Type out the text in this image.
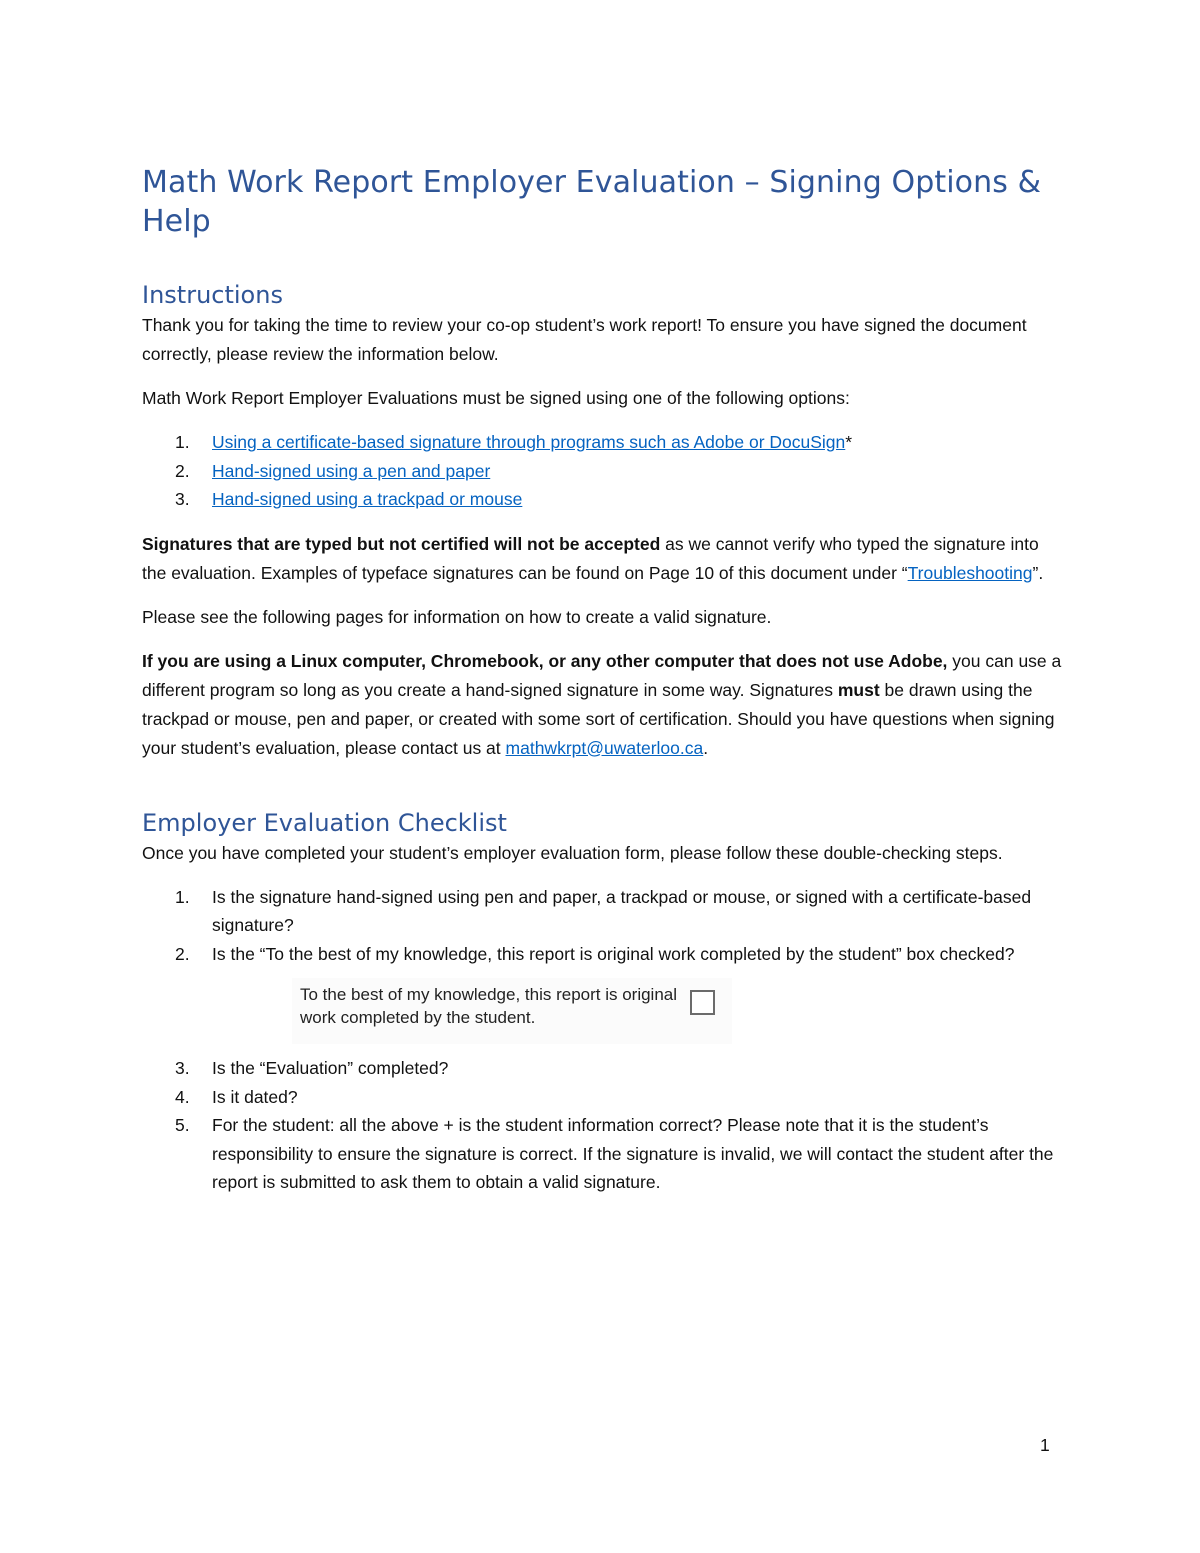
Math Work Report Employer Evaluation – Signing Options & Help
Instructions

Thank you for taking the time to review your co-op student’s work report! To ensure you have signed the document correctly, please review the information below.

Math Work Report Employer Evaluations must be signed using one of the following options:

1. Using a certificate-based signature through programs such as Adobe or DocuSign*
2. Hand-signed using a pen and paper
3. Hand-signed using a trackpad or mouse

Signatures that are typed but not certified will not be accepted as we cannot verify who typed the signature into the evaluation. Examples of typeface signatures can be found on Page 10 of this document under “Troubleshooting”.

Please see the following pages for information on how to create a valid signature.

If you are using a Linux computer, Chromebook, or any other computer that does not use Adobe, you can use a different program so long as you create a hand-signed signature in some way. Signatures must be drawn using the trackpad or mouse, pen and paper, or created with some sort of certification. Should you have questions when signing your student’s evaluation, please contact us at mathwkrpt@uwaterloo.ca.

Employer Evaluation Checklist

Once you have completed your student’s employer evaluation form, please follow these double-checking steps.

1. Is the signature hand-signed using pen and paper, a trackpad or mouse, or signed with a certificate-based signature?
2. Is the “To the best of my knowledge, this report is original work completed by the student” box checked?
To the best of my knowledge, this report is original work completed by the student.
3. Is the “Evaluation” completed?
4. Is it dated?
5. For the student: all the above + is the student information correct? Please note that it is the student’s responsibility to ensure the signature is correct. If the signature is invalid, we will contact the student after the report is submitted to ask them to obtain a valid signature.
1
